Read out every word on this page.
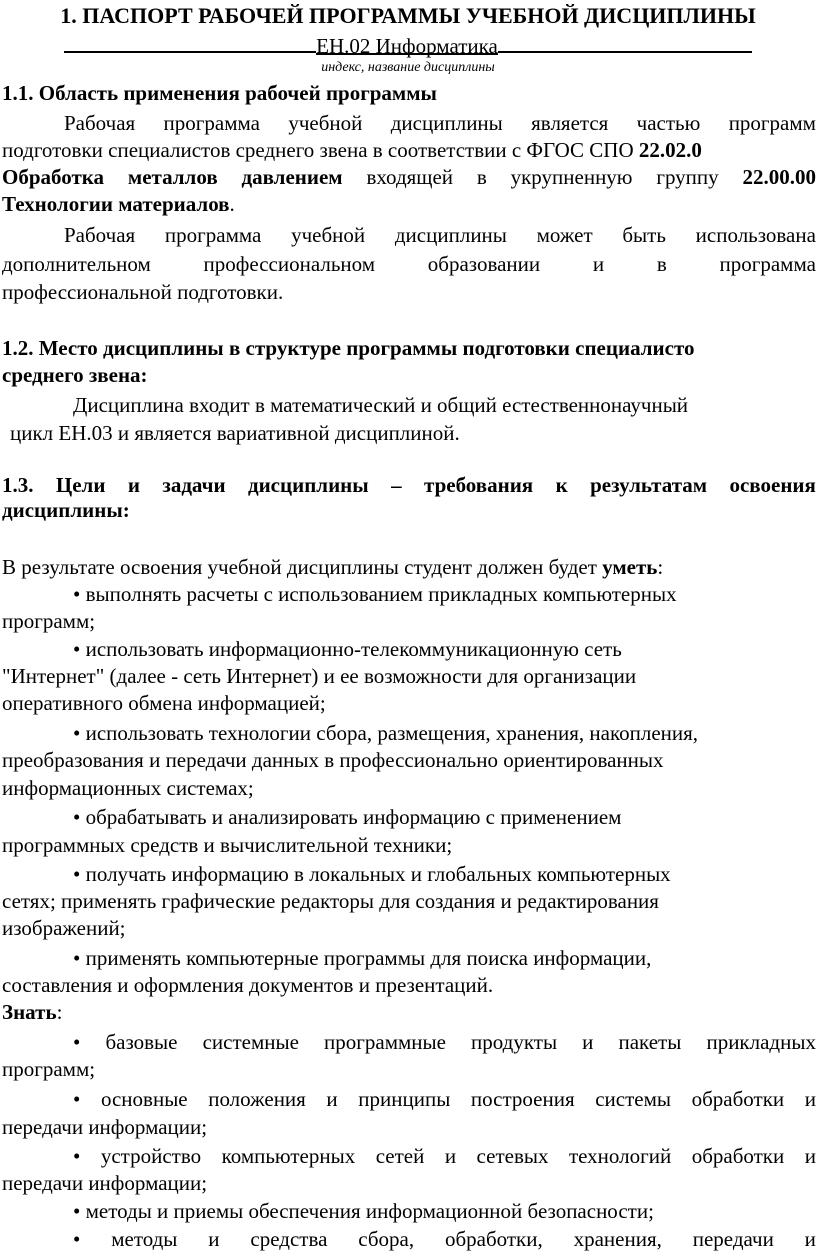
1. ПАСПОРТ РАБОЧЕЙ ПРОГРАММЫ УЧЕБНОЙ ДИСЦИПЛИНЫ
ЕН.02 Информатика
индекс, название дисциплины
1.1. Область применения рабочей программы
Рабочая программа учебной дисциплины является частью программ
подготовки специалистов среднего звена в соответствии с ФГОС СПО 22.02.0
Обработка металлов давлением входящей в укрупненную группу 22.00.00
Технологии материалов.
Рабочая программа учебной дисциплины может быть использована
дополнительном	профессиональном	образовании	и	в	программа
профессиональной подготовки.
1.2. Место дисциплины в структуре программы подготовки специалисто
среднего звена:
Дисциплина входит в математический и общий естественнонаучный
цикл ЕН.03 и является вариативной дисциплиной.
1.3. Цели и задачи дисциплины – требования к результатам освоения
дисциплины:
В результате освоения учебной дисциплины студент должен будет уметь:
• выполнять расчеты с использованием прикладных компьютерных
программ;
• использовать информационно-телекоммуникационную сеть
"Интернет" (далее - сеть Интернет) и ее возможности для организации
оперативного обмена информацией;
• использовать технологии сбора, размещения, хранения, накопления,
преобразования и передачи данных в профессионально ориентированных
информационных системах;
• обрабатывать и анализировать информацию с применением
программных средств и вычислительной техники;
• получать информацию в локальных и глобальных компьютерных
сетях; применять графические редакторы для создания и редактирования
изображений;
• применять компьютерные программы для поиска информации,
составления и оформления документов и презентаций.
Знать:
• базовые системные программные продукты и пакеты прикладных
программ;
• основные положения и принципы построения системы обработки и
передачи информации;
• устройство компьютерных сетей и сетевых технологий обработки и
передачи информации;
• методы и приемы обеспечения информационной безопасности;
• методы и средства сбора, обработки, хранения, передачи и
